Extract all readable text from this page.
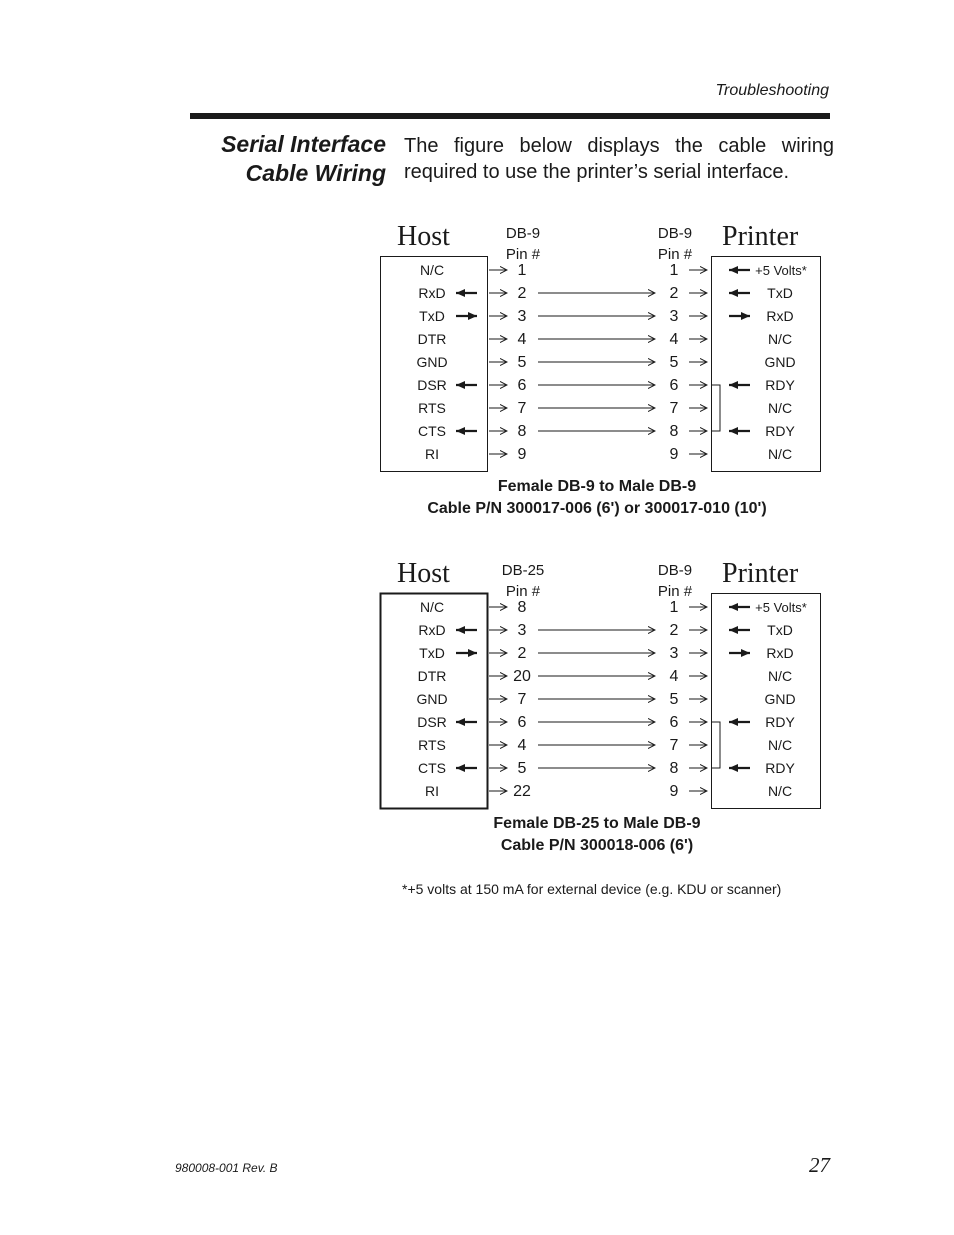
Troubleshooting
Serial Interface
Cable Wiring
The figure below displays the cable wiring required to use the printer’s serial interface.
Host	Printer
DB-9
Pin #
DB-9
Pin #
N/C	1	1	+5 Volts*
RxD	2	2	TxD
TxD	3	3	RxD
DTR	4	4	N/C
GND	5	5	GND
DSR	6	6	RDY
RTS	7	7	N/C
CTS	8	8	RDY
RI	9	9	N/C
Female DB-9 to Male DB-9
Cable P/N 300017-006 (6') or 300017-010 (10')
Host	Printer
DB-25
Pin #
DB-9
Pin #
N/C	8	1	+5 Volts*
RxD	3	2	TxD
TxD	2	3	RxD
DTR	20	4	N/C
GND	7	5	GND
DSR	6	6	RDY
RTS	4	7	N/C
CTS	5	8	RDY
RI	22	9	N/C
Female DB-25 to Male DB-9
Cable P/N 300018-006 (6')
*+5 volts at 150 mA for external device (e.g. KDU or scanner)
980008-001 Rev. B	27
